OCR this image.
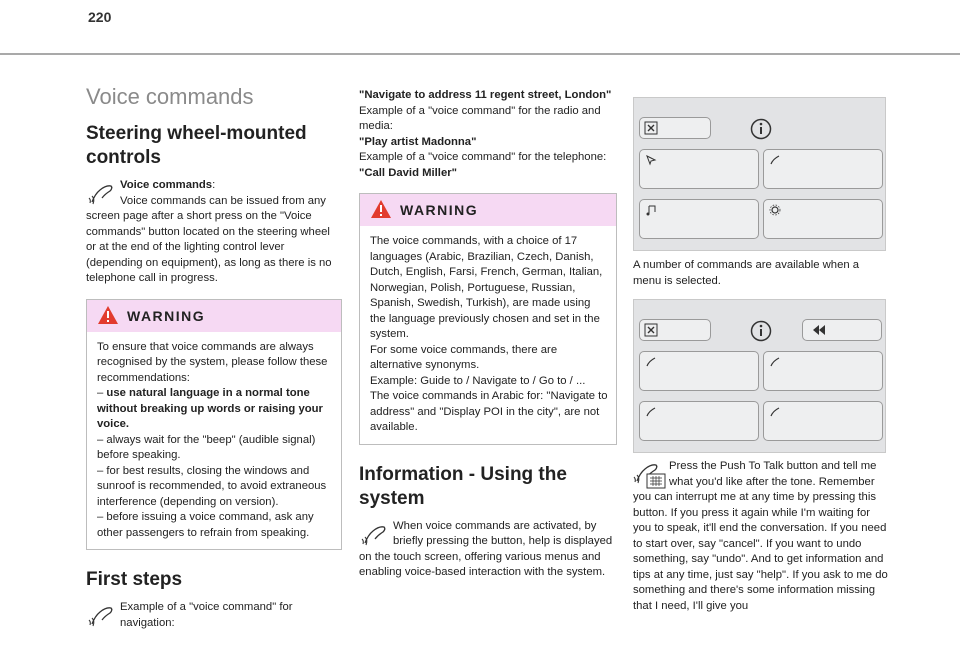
220
Voice commands
Steering wheel-mounted controls

Voice commands:
Voice commands can be issued from any screen page after a short press on the "Voice commands" button located on the steering wheel or at the end of the lighting control lever (depending on equipment), as long as there is no telephone call in progress.

WARNING

To ensure that voice commands are always recognised by the system, please follow these recommendations:

– use natural language in a normal tone without breaking up words or raising your voice.

– always wait for the "beep" (audible signal) before speaking.

– for best results, closing the windows and sunroof is recommended, to avoid extraneous interference (depending on version).

– before issuing a voice command, ask any other passengers to refrain from speaking.

First steps

Example of a "voice command" for navigation:

"Navigate to address 11 regent street, London"

Example of a "voice command" for the radio and media:

"Play artist Madonna"

Example of a "voice command" for the telephone:

"Call David Miller"

WARNING

The voice commands, with a choice of 17 languages (Arabic, Brazilian, Czech, Danish, Dutch, English, Farsi, French, German, Italian, Norwegian, Polish, Portuguese, Russian, Spanish, Swedish, Turkish), are made using the language previously chosen and set in the system.

For some voice commands, there are alternative synonyms.

Example: Guide to / Navigate to / Go to / ...

The voice commands in Arabic for: "Navigate to address" and "Display POI in the city", are not available.

Information - Using the system

When voice commands are activated, by briefly pressing the button, help is displayed on the touch screen, offering various menus and enabling voice-based interaction with the system.

A number of commands are available when a menu is selected.

Press the Push To Talk button and tell me what you'd like after the tone. Remember you can interrupt me at any time by pressing this button. If you press it again while I'm waiting for you to speak, it'll end the conversation. If you need to start over, say "cancel". If you want to undo something, say "undo". And to get information and tips at any time, just say "help". If you ask to me do something and there's some information missing that I need, I'll give you
